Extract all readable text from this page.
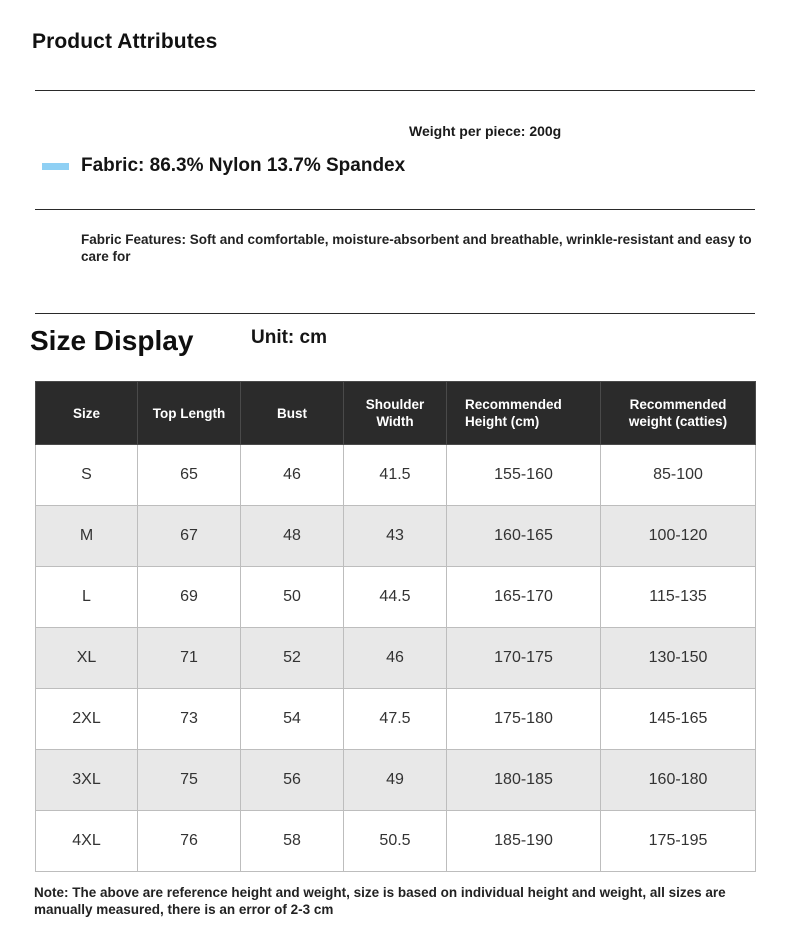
Product Attributes
Weight per piece: 200g
Fabric: 86.3% Nylon 13.7% Spandex
Fabric Features: Soft and comfortable, moisture-absorbent and breathable, wrinkle-resistant and easy to care for
Size Display	Unit: cm
Size	Top Length	Bust	Shoulder Width	Recommended Height (cm)	Recommended weight (catties)
S	65	46	41.5	155-160	85-100
M	67	48	43	160-165	100-120
L	69	50	44.5	165-170	115-135
XL	71	52	46	170-175	130-150
2XL	73	54	47.5	175-180	145-165
3XL	75	56	49	180-185	160-180
4XL	76	58	50.5	185-190	175-195
Note: The above are reference height and weight, size is based on individual height and weight, all sizes are manually measured, there is an error of 2-3 cm
